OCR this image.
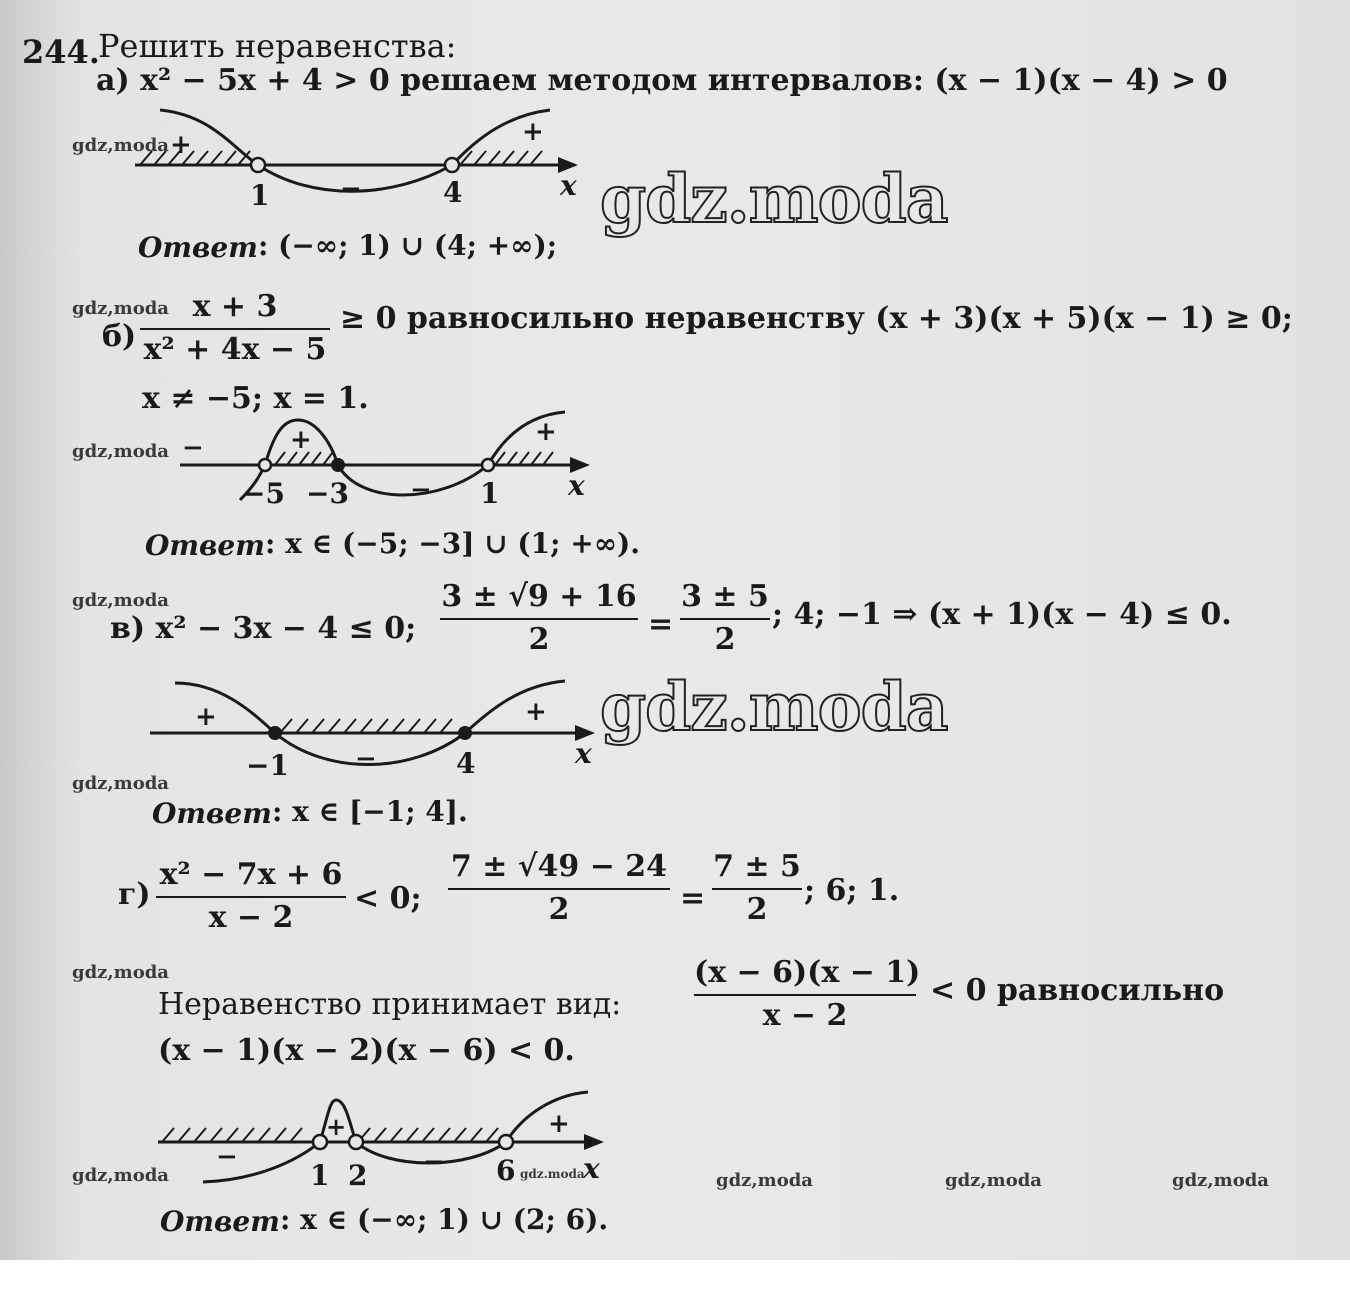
244.
Решить неравенства:
а) x² − 5x + 4 > 0 решаем методом интервалов: (x − 1)(x − 4) > 0
1	4
+
−
+
x
Ответ : (−∞; 1) ∪ (4; +∞);
б)
x + 3
x² + 4x − 5
≥ 0 равносильно неравенству (x + 3)(x + 5)(x − 1) ≥ 0;
x ≠ −5; x = 1.
−5 −3	1
−	+
−
+
x
Ответ : x ∈ (−5; −3] ∪ (1; +∞).
в) x² − 3x − 4 ≤ 0;
3 ± √9 + 16
2	=
3 ± 5
2
; 4; −1 ⇒ (x + 1)(x − 4) ≤ 0.
−1	4
+
−
+
x
Ответ : x ∈ [−1; 4].
г)
x² − 7x + 6
x − 2
< 0;
7 ± √49 − 24
2	=
7 ± 5
2
; 6; 1.
Неравенство принимает вид:
(x − 6)(x − 1)
x − 2
< 0 равносильно
(x − 1)(x − 2)(x − 6) < 0.
1 2	6
−
+
−
+
x
Ответ : x ∈ (−∞; 1) ∪ (2; 6).
gdz,moda
gdz,moda
gdz,moda
gdz,moda
gdz,moda
gdz,moda
gdz,moda	gdz,moda	gdz,moda	gdz,moda
gdz.moda
gdz.moda
gdz.moda
